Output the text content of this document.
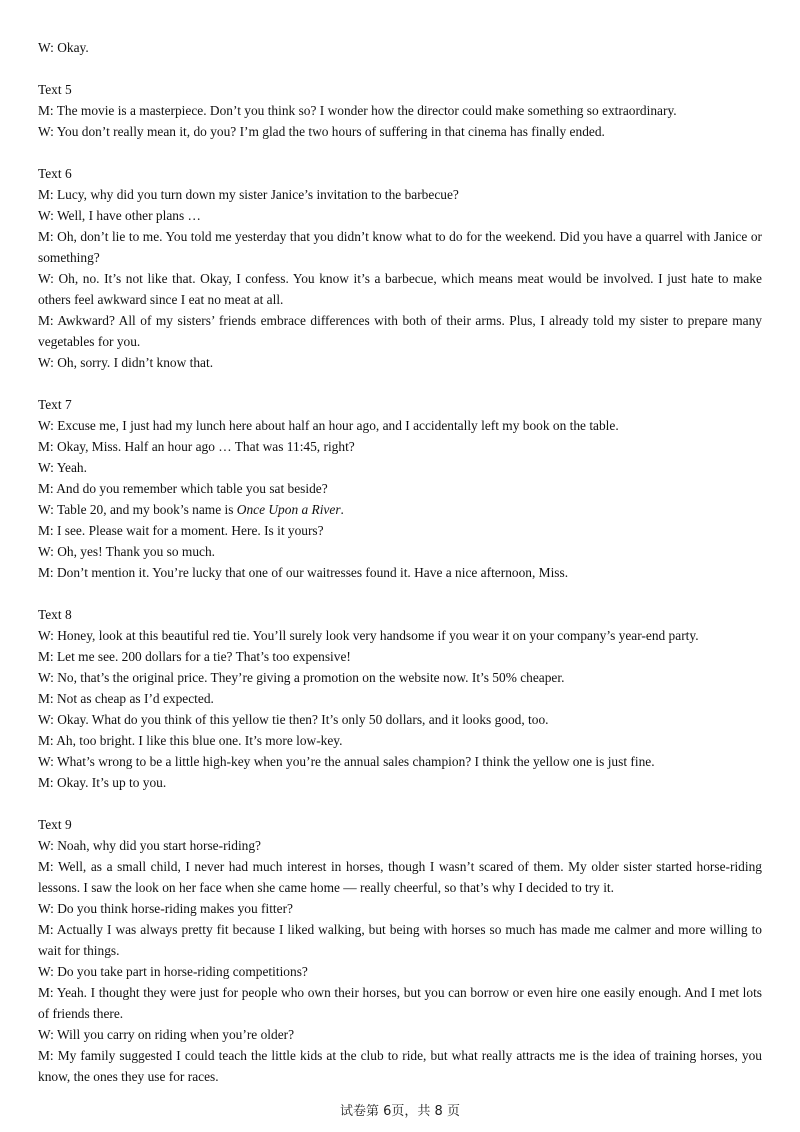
W: Okay.

Text 5

M: The movie is a masterpiece. Don’t you think so? I wonder how the director could make something so extraordinary.

W: You don’t really mean it, do you? I’m glad the two hours of suffering in that cinema has finally ended.

Text 6

M: Lucy, why did you turn down my sister Janice’s invitation to the barbecue?

W: Well, I have other plans …

M: Oh, don’t lie to me. You told me yesterday that you didn’t know what to do for the weekend. Did you have a quarrel with Janice or something?

W: Oh, no. It’s not like that. Okay, I confess. You know it’s a barbecue, which means meat would be involved. I just hate to make others feel awkward since I eat no meat at all.

M: Awkward? All of my sisters’ friends embrace differences with both of their arms. Plus, I already told my sister to prepare many vegetables for you.

W: Oh, sorry. I didn’t know that.

Text 7

W: Excuse me, I just had my lunch here about half an hour ago, and I accidentally left my book on the table.

M: Okay, Miss. Half an hour ago … That was 11:45, right?

W: Yeah.

M: And do you remember which table you sat beside?

W: Table 20, and my book’s name is Once Upon a River.

M: I see. Please wait for a moment. Here. Is it yours?

W: Oh, yes! Thank you so much.

M: Don’t mention it. You’re lucky that one of our waitresses found it. Have a nice afternoon, Miss.

Text 8

W: Honey, look at this beautiful red tie. You’ll surely look very handsome if you wear it on your company’s year-end party.

M: Let me see. 200 dollars for a tie? That’s too expensive!

W: No, that’s the original price. They’re giving a promotion on the website now. It’s 50% cheaper.

M: Not as cheap as I’d expected.

W: Okay. What do you think of this yellow tie then? It’s only 50 dollars, and it looks good, too.

M: Ah, too bright. I like this blue one. It’s more low-key.

W: What’s wrong to be a little high-key when you’re the annual sales champion? I think the yellow one is just fine.

M: Okay. It’s up to you.

Text 9

W: Noah, why did you start horse-riding?

M: Well, as a small child, I never had much interest in horses, though I wasn’t scared of them. My older sister started horse-riding lessons. I saw the look on her face when she came home — really cheerful, so that’s why I decided to try it.

W: Do you think horse-riding makes you fitter?

M: Actually I was always pretty fit because I liked walking, but being with horses so much has made me calmer and more willing to wait for things.

W: Do you take part in horse-riding competitions?

M: Yeah. I thought they were just for people who own their horses, but you can borrow or even hire one easily enough. And I met lots of friends there.

W: Will you carry on riding when you’re older?

M: My family suggested I could teach the little kids at the club to ride, but what really attracts me is the idea of training horses, you know, the ones they use for races.

试卷第 6页，共 8 页
